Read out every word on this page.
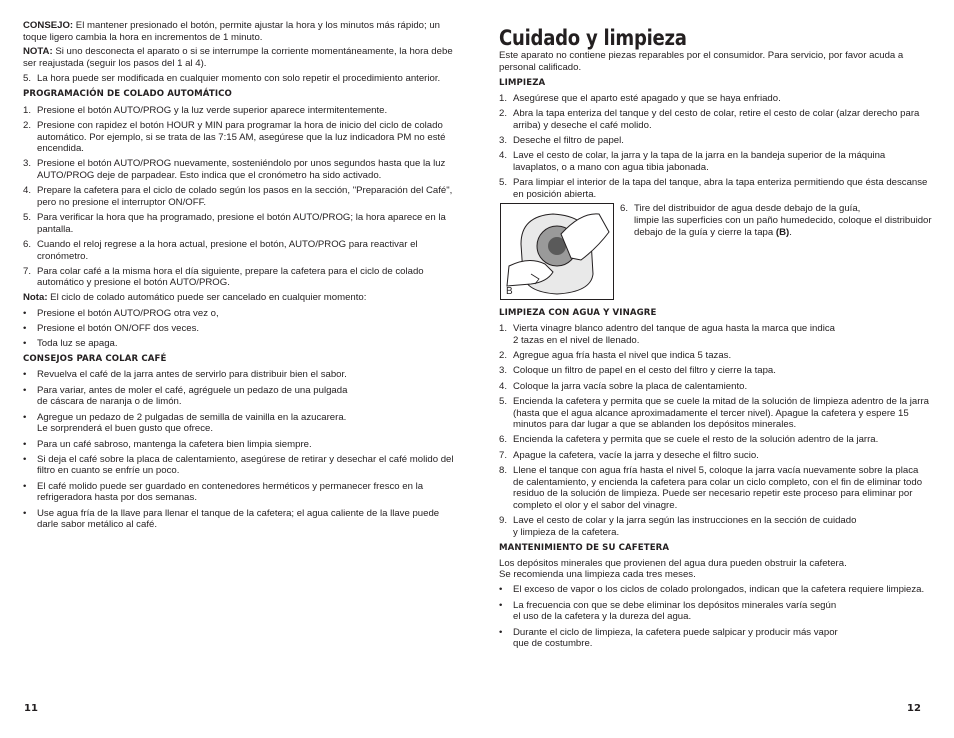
CONSEJO: El mantener presionado el botón, permite ajustar la hora y los minutos más rápido; un toque ligero cambia la hora en incrementos de 1 minuto.

NOTA: Si uno desconecta el aparato o si se interrumpe la corriente momentáneamente, la hora debe ser reajustada (seguir los pasos del 1 al 4).

5. La hora puede ser modificada en cualquier momento con solo repetir el procedimiento anterior.

PROGRAMACIÓN DE COLADO AUTOMÁTICO

1. Presione el botón AUTO/PROG y la luz verde superior aparece intermitentemente.
2. Presione con rapidez el botón HOUR y MIN para programar la hora de inicio del ciclo de colado automático. Por ejemplo, si se trata de las 7:15 AM, asegúrese que la luz indicadora PM no esté encendida.
3. Presione el botón AUTO/PROG nuevamente, sosteniéndolo por unos segundos hasta que la luz AUTO/PROG deje de parpadear. Esto indica que el cronómetro ha sido activado.
4. Prepare la cafetera para el ciclo de colado según los pasos en la sección, "Preparación del Café", pero no presione el interruptor ON/OFF.
5. Para verificar la hora que ha programado, presione el botón AUTO/PROG; la hora aparece en la pantalla.
6. Cuando el reloj regrese a la hora actual, presione el botón, AUTO/PROG para reactivar el cronómetro.
7. Para colar café a la misma hora el día siguiente, prepare la cafetera para el ciclo de colado automático y presione el botón AUTO/PROG.

Nota: El ciclo de colado automático puede ser cancelado en cualquier momento:

• Presione el botón AUTO/PROG otra vez o,
• Presione el botón ON/OFF dos veces.
• Toda luz se apaga.

CONSEJOS PARA COLAR CAFÉ

• Revuelva el café de la jarra antes de servirlo para distribuir bien el sabor.
• Para variar, antes de moler el café, agréguele un pedazo de una pulgada
de cáscara de naranja o de limón.
• Agregue un pedazo de 2 pulgadas de semilla de vainilla en la azucarera.
Le sorprenderá el buen gusto que ofrece.
• Para un café sabroso, mantenga la cafetera bien limpia siempre.
• Si deja el café sobre la placa de calentamiento, asegúrese de retirar y desechar el café molido del filtro en cuanto se enfríe un poco.
• El café molido puede ser guardado en contenedores herméticos y permanecer fresco en la refrigeradora hasta por dos semanas.
• Use agua fría de la llave para llenar el tanque de la cafetera; el agua caliente de la llave puede darle sabor metálico al café.
Cuidado y limpieza

Este aparato no contiene piezas reparables por el consumidor. Para servicio, por favor acuda a personal calificado.

LIMPIEZA

1. Asegúrese que el aparto esté apagado y que se haya enfriado.
2. Abra la tapa enteriza del tanque y del cesto de colar, retire el cesto de colar (alzar derecho para arriba) y deseche el café molido.
3. Deseche el filtro de papel.
4. Lave el cesto de colar, la jarra y la tapa de la jarra en la bandeja superior de la máquina lavaplatos, o a mano con agua tibia jabonada.
5. Para limpiar el interior de la tapa del tanque, abra la tapa enteriza permitiendo que ésta descanse en posición abierta.
B
6. Tire del distribuidor de agua desde debajo de la guía,
limpie las superficies con un paño humedecido, coloque el distribuidor debajo de la guía y cierre la tapa (B).

LIMPIEZA CON AGUA Y VINAGRE

1. Vierta vinagre blanco adentro del tanque de agua hasta la marca que indica
2 tazas en el nivel de llenado.
2. Agregue agua fría hasta el nivel que indica 5 tazas.
3. Coloque un filtro de papel en el cesto del filtro y cierre la tapa.
4. Coloque la jarra vacía sobre la placa de calentamiento.
5. Encienda la cafetera y permita que se cuele la mitad de la solución de limpieza adentro de la jarra (hasta que el agua alcance aproximadamente el tercer nivel). Apague la cafetera y espere 15 minutos para dar lugar a que se ablanden los depósitos minerales.
6. Encienda la cafetera y permita que se cuele el resto de la solución adentro de la jarra.
7. Apague la cafetera, vacíe la jarra y deseche el filtro sucio.
8. Llene el tanque con agua fría hasta el nivel 5, coloque la jarra vacía nuevamente sobre la placa de calentamiento, y encienda la cafetera para colar un ciclo completo, con el fin de eliminar todo residuo de la solución de limpieza. Puede ser necesario repetir este proceso para eliminar por completo el olor y el sabor del vinagre.
9. Lave el cesto de colar y la jarra según las instrucciones en la sección de cuidado
y limpieza de la cafetera.

MANTENIMIENTO DE SU CAFETERA

Los depósitos minerales que provienen del agua dura pueden obstruir la cafetera.
Se recomienda una limpieza cada tres meses.

• El exceso de vapor o los ciclos de colado prolongados, indican que la cafetera requiere limpieza.
• La frecuencia con que se debe eliminar los depósitos minerales varía según
el uso de la cafetera y la dureza del agua.
• Durante el ciclo de limpieza, la cafetera puede salpicar y producir más vapor
que de costumbre.
11	12
